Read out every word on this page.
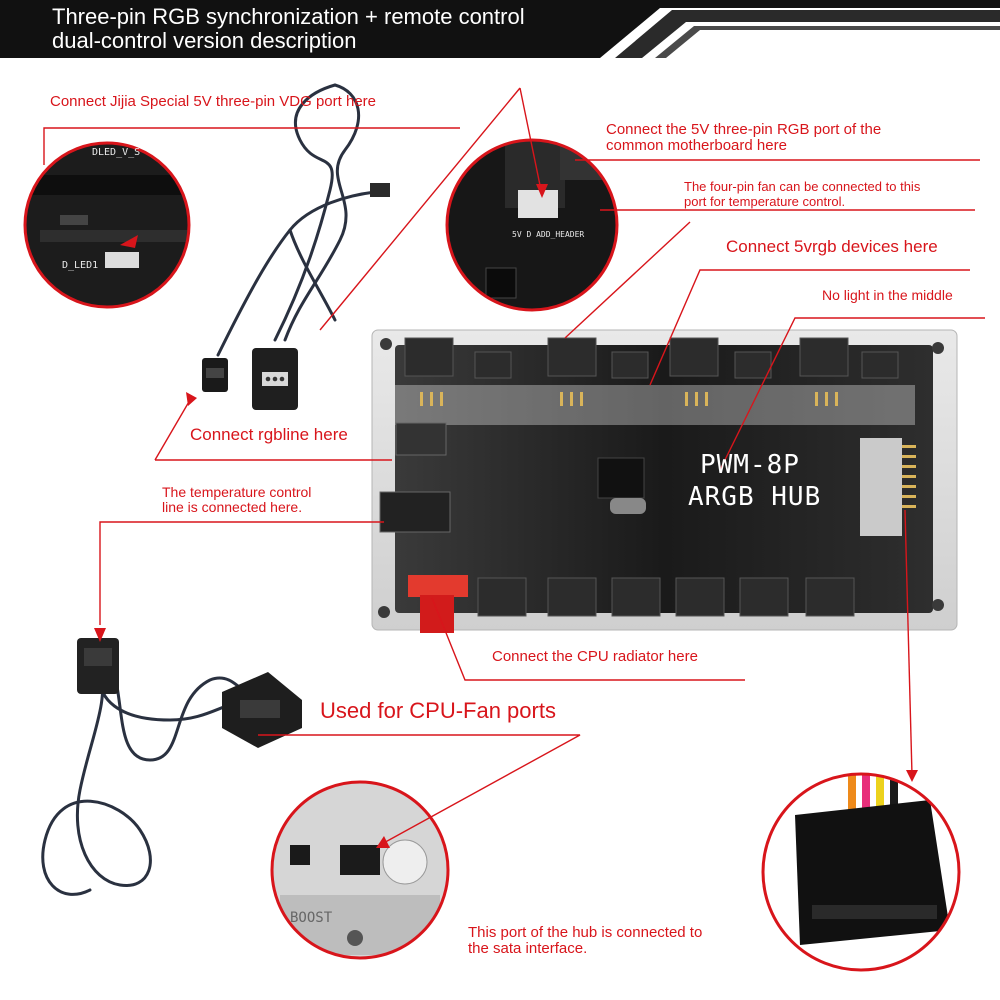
Three-pin RGB synchronization + remote control
dual-control version description
DLED_V_S
D_LED1
5V D ADD_HEADER
BOOST
PWM-8P
ARGB HUB
Connect Jijia Special 5V three-pin VDG port here
Connect the 5V three-pin RGB port of the
common motherboard here
The four-pin fan can be connected to this
port for temperature control.
Connect 5vrgb devices here
No light in the middle
Connect rgbline here
The temperature control
line is connected here.
Connect the CPU radiator here
Used for CPU-Fan ports
This port of the hub is connected to
the sata interface.
